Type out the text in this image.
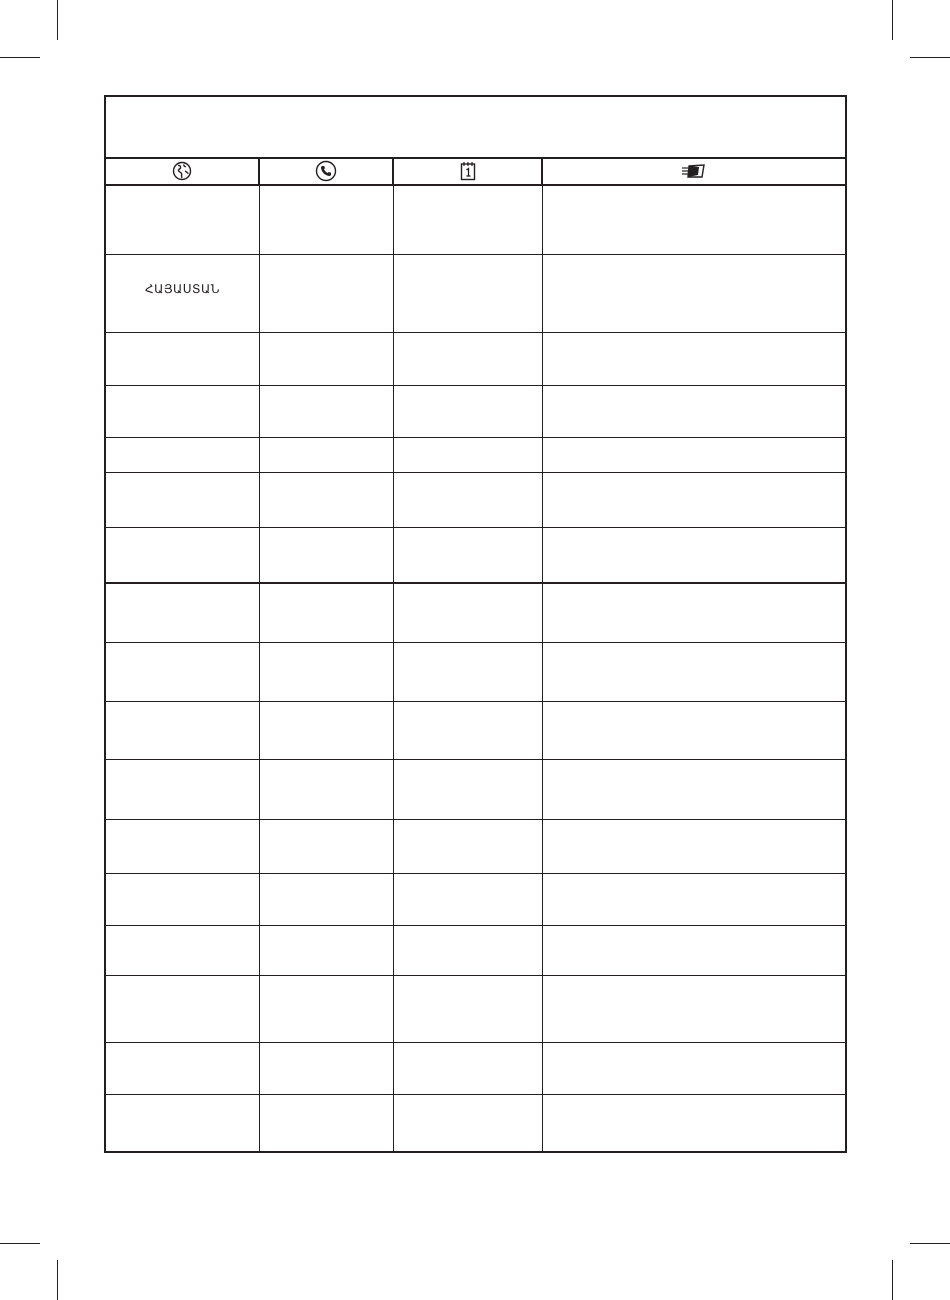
ՀԱՅԱՍՏԱՆ
